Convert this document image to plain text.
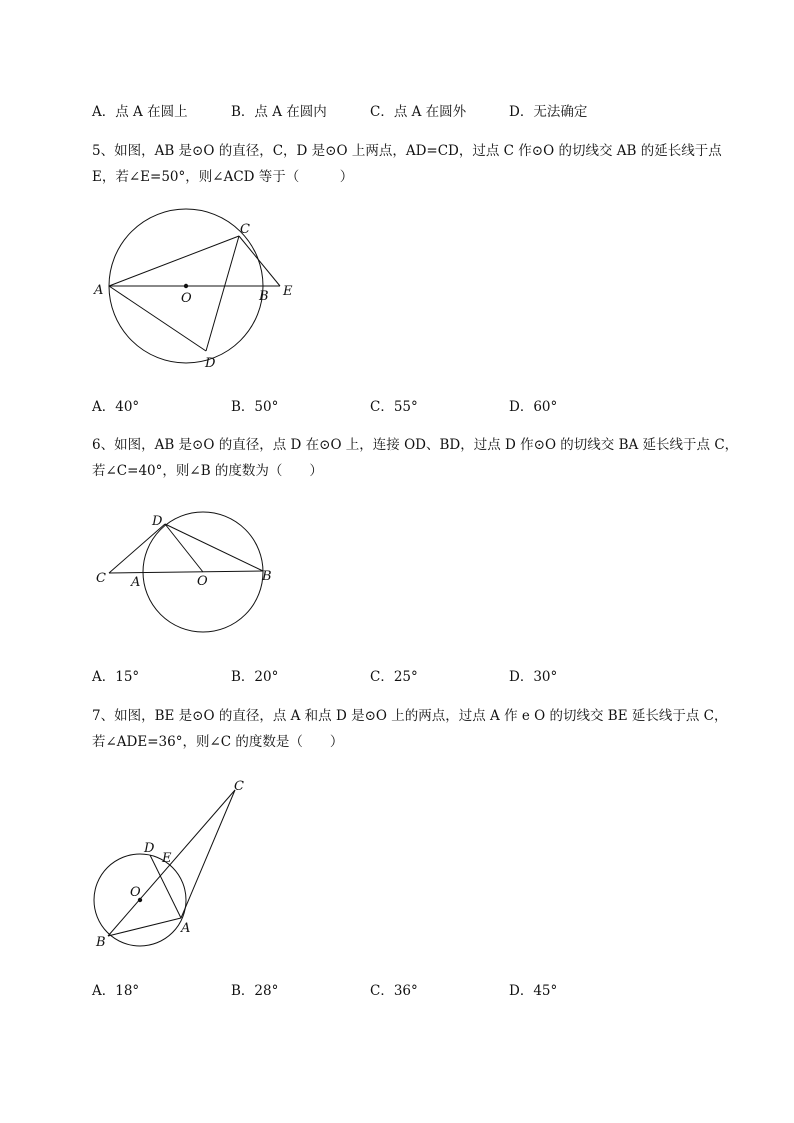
A．点 A 在圆上	B．点 A 在圆内	C．点 A 在圆外	D．无法确定
5、如图，AB 是⊙O 的直径，C，D 是⊙O 上两点，AD=CD，过点 C 作⊙O 的切线交 AB 的延长线于点
E，若∠E=50°，则∠ACD 等于（　　　）
A
O	B E
C
D
A．40°	B．50°	C．55°	D．60°
6、如图，AB 是⊙O 的直径，点 D 在⊙O 上，连接 OD、BD，过点 D 作⊙O 的切线交 BA 延长线于点 C，
若∠C=40°，则∠B 的度数为（　　）
D
C A	O	B
A．15°	B．20°	C．25°	D．30°
7、如图，BE 是⊙O 的直径，点 A 和点 D 是⊙O 上的两点，过点 A 作 e O 的切线交 BE 延长线于点 C，
若∠ADE=36°，则∠C 的度数是（　　）
C
D
E
O
B
A
A．18°	B．28°	C．36°	D．45°
